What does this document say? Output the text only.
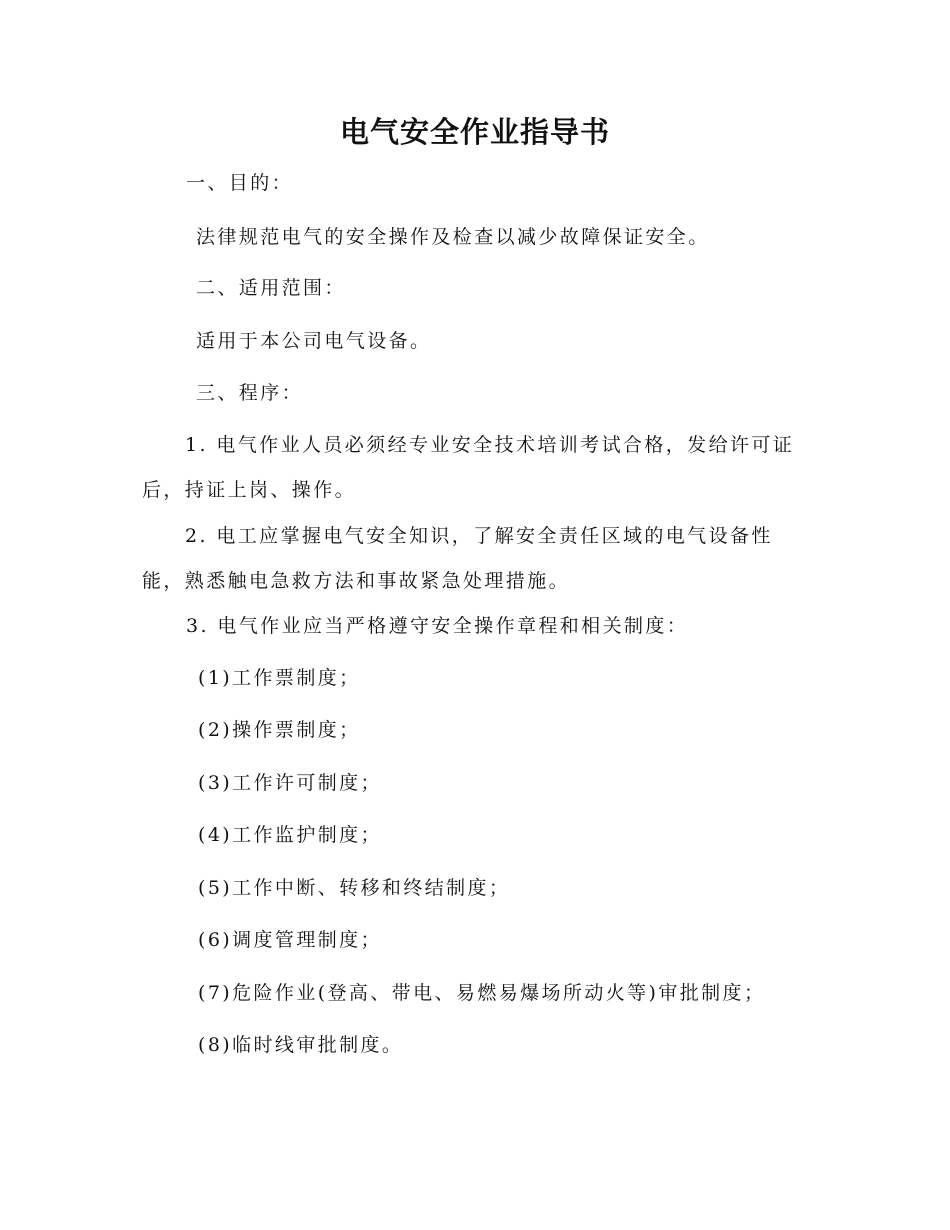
电气安全作业指导书
一、目的：
法律规范电气的安全操作及检查以减少故障保证安全。
二、适用范围：
适用于本公司电气设备。
三、程序：
1. 电气作业人员必须经专业安全技术培训考试合格，发给许可证后，持证上岗、操作。
2. 电工应掌握电气安全知识，了解安全责任区域的电气设备性能，熟悉触电急救方法和事故紧急处理措施。
3. 电气作业应当严格遵守安全操作章程和相关制度：
(1)工作票制度；
(2)操作票制度；
(3)工作许可制度；
(4)工作监护制度；
(5)工作中断、转移和终结制度；
(6)调度管理制度；
(7)危险作业(登高、带电、易燃易爆场所动火等)审批制度；
(8)临时线审批制度。
